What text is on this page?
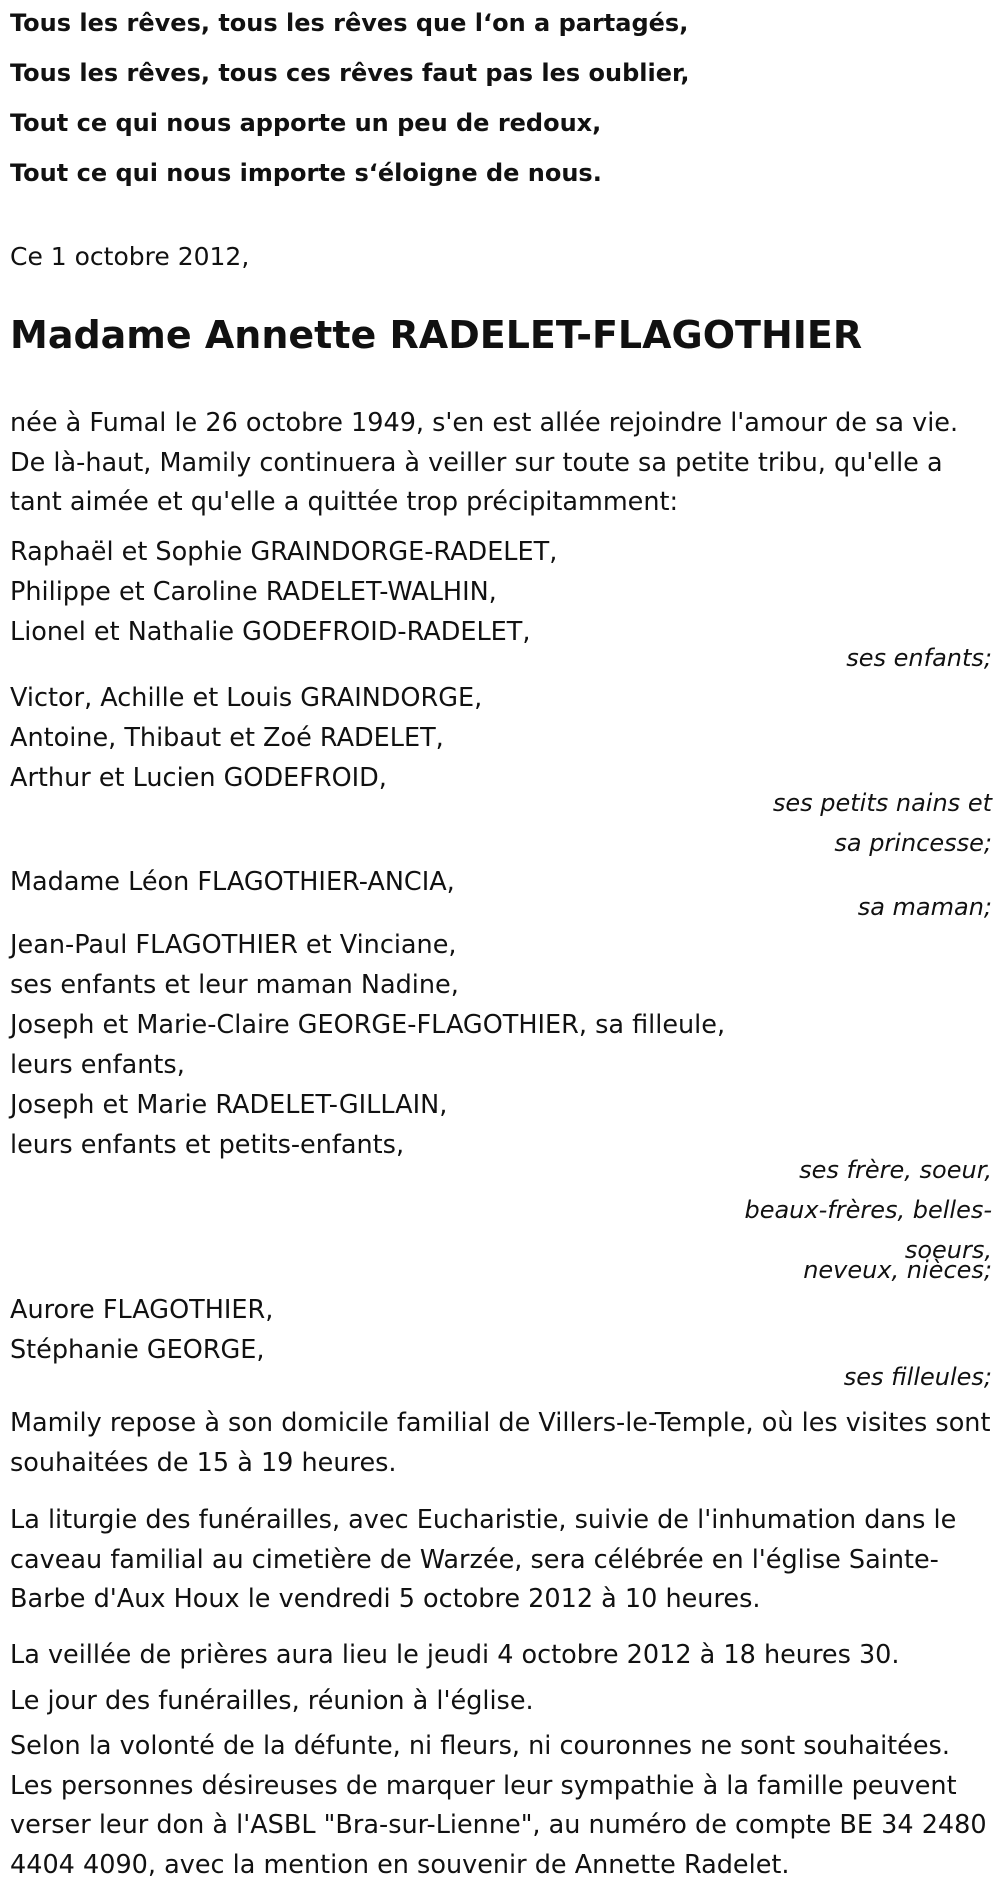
Tous les rêves, tous les rêves que l‘on a partagés,
Tous les rêves, tous ces rêves faut pas les oublier,
Tout ce qui nous apporte un peu de redoux,
Tout ce qui nous importe s‘éloigne de nous.
Ce 1 octobre 2012,
Madame Annette RADELET-FLAGOTHIER

née à Fumal le 26 octobre 1949, s'en est allée rejoindre l'amour de sa vie. De là-haut, Mamily continuera à veiller sur toute sa petite tribu, qu'elle a tant aimée et qu'elle a quittée trop précipitamment:

Raphaël et Sophie GRAINDORGE-RADELET,
Philippe et Caroline RADELET-WALHIN,
Lionel et Nathalie GODEFROID-RADELET,
ses enfants;
Victor, Achille et Louis GRAINDORGE,
Antoine, Thibaut et Zoé RADELET,
Arthur et Lucien GODEFROID,
ses petits nains et
sa princesse;
Madame Léon FLAGOTHIER-ANCIA,
sa maman;
Jean-Paul FLAGOTHIER et Vinciane,
ses enfants et leur maman Nadine,
Joseph et Marie-Claire GEORGE-FLAGOTHIER, sa filleule,
leurs enfants,
Joseph et Marie RADELET-GILLAIN,
leurs enfants et petits-enfants,
ses frère, soeur,
beaux-frères, belles-
soeurs,
neveux, nièces;
Aurore FLAGOTHIER,
Stéphanie GEORGE,
ses filleules;

Mamily repose à son domicile familial de Villers-le-Temple, où les visites sont souhaitées de 15 à 19 heures.

La liturgie des funérailles, avec Eucharistie, suivie de l'inhumation dans le caveau familial au cimetière de Warzée, sera célébrée en l'église Sainte-Barbe d'Aux Houx le vendredi 5 octobre 2012 à 10 heures.

La veillée de prières aura lieu le jeudi 4 octobre 2012 à 18 heures 30.

Le jour des funérailles, réunion à l'église.

Selon la volonté de la défunte, ni fleurs, ni couronnes ne sont souhaitées. Les personnes désireuses de marquer leur sympathie à la famille peuvent verser leur don à l'ASBL "Bra-sur-Lienne", au numéro de compte BE 34 2480 4404 4090, avec la mention en souvenir de Annette Radelet.
